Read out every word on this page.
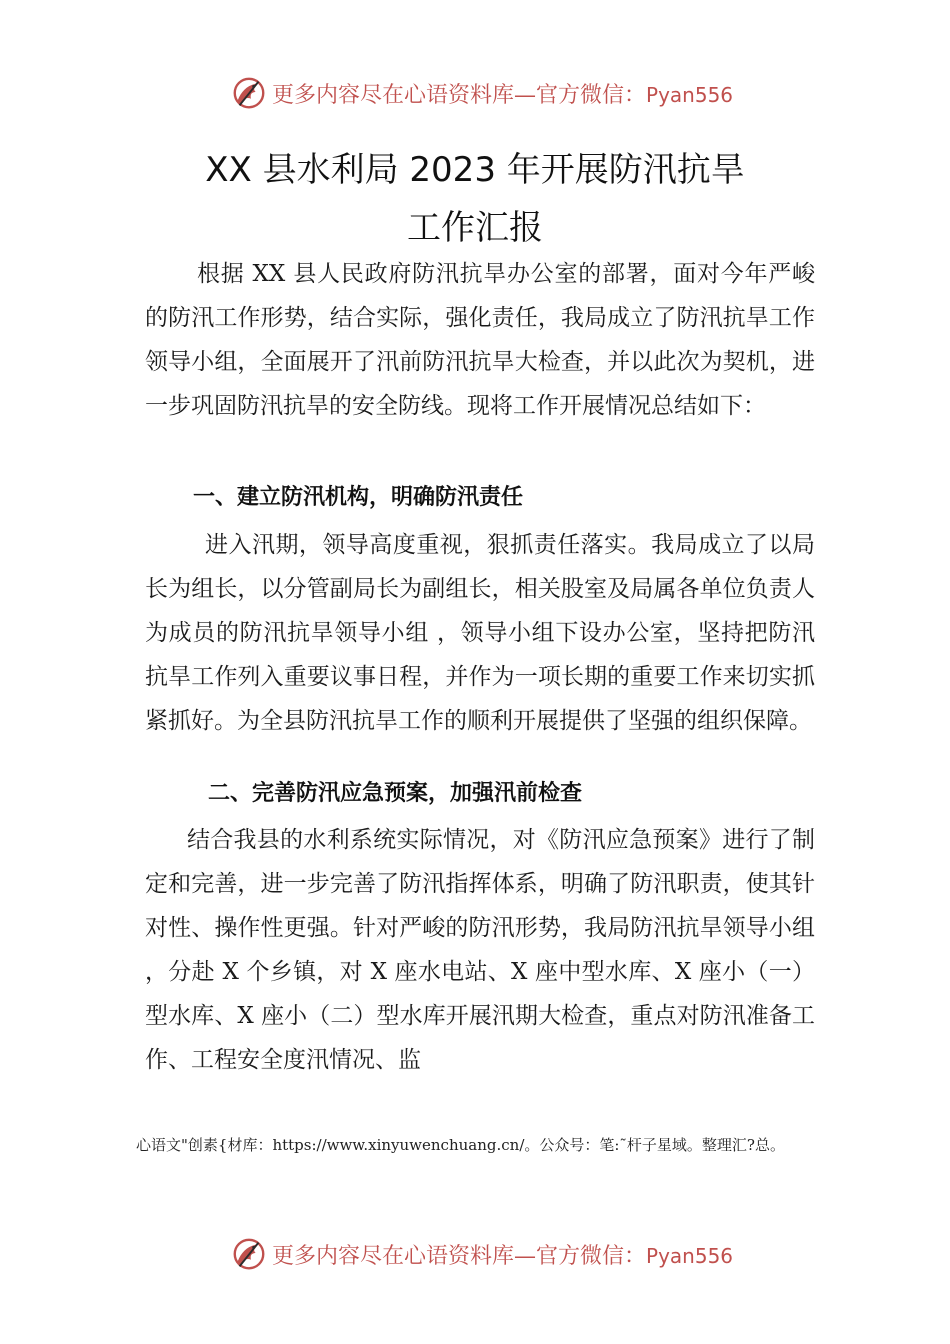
更多内容尽在心语资料库—官方微信：Pyan556
XX 县水利局 2023 年开展防汛抗旱
工作汇报
根据 XX 县人民政府防汛抗旱办公室的部署，面对今年严峻的防汛工作形势，结合实际，强化责任，我局成立了防汛抗旱工作领导小组，全面展开了汛前防汛抗旱大检查，并以此次为契机，进一步巩固防汛抗旱的安全防线。现将工作开展情况总结如下：
一、建立防汛机构，明确防汛责任
进入汛期，领导高度重视，狠抓责任落实。我局成立了以局长为组长，以分管副局长为副组长，相关股室及局属各单位负责人为成员的防汛抗旱领导小组 ，领导小组下设办公室，坚持把防汛抗旱工作列入重要议事日程，并作为一项长期的重要工作来切实抓紧抓好。为全县防汛抗旱工作的顺利开展提供了坚强的组织保障。
二、完善防汛应急预案，加强汛前检查
结合我县的水利系统实际情况，对《防汛应急预案》进行了制定和完善，进一步完善了防汛指挥体系，明确了防汛职责，使其针对性、操作性更强。针对严峻的防汛形势，我局防汛抗旱领导小组 ，分赴 X 个乡镇，对 X 座水电站、X 座中型水库、X 座小（一）型水库、X 座小（二）型水库开展汛期大检查，重点对防汛准备工作、工程安全度汛情况、监
心语文"创素{材库：https://www.xinyuwenchuang.cn/。公众号：笔:˜杆子星域。整理汇?总。
更多内容尽在心语资料库—官方微信：Pyan556
